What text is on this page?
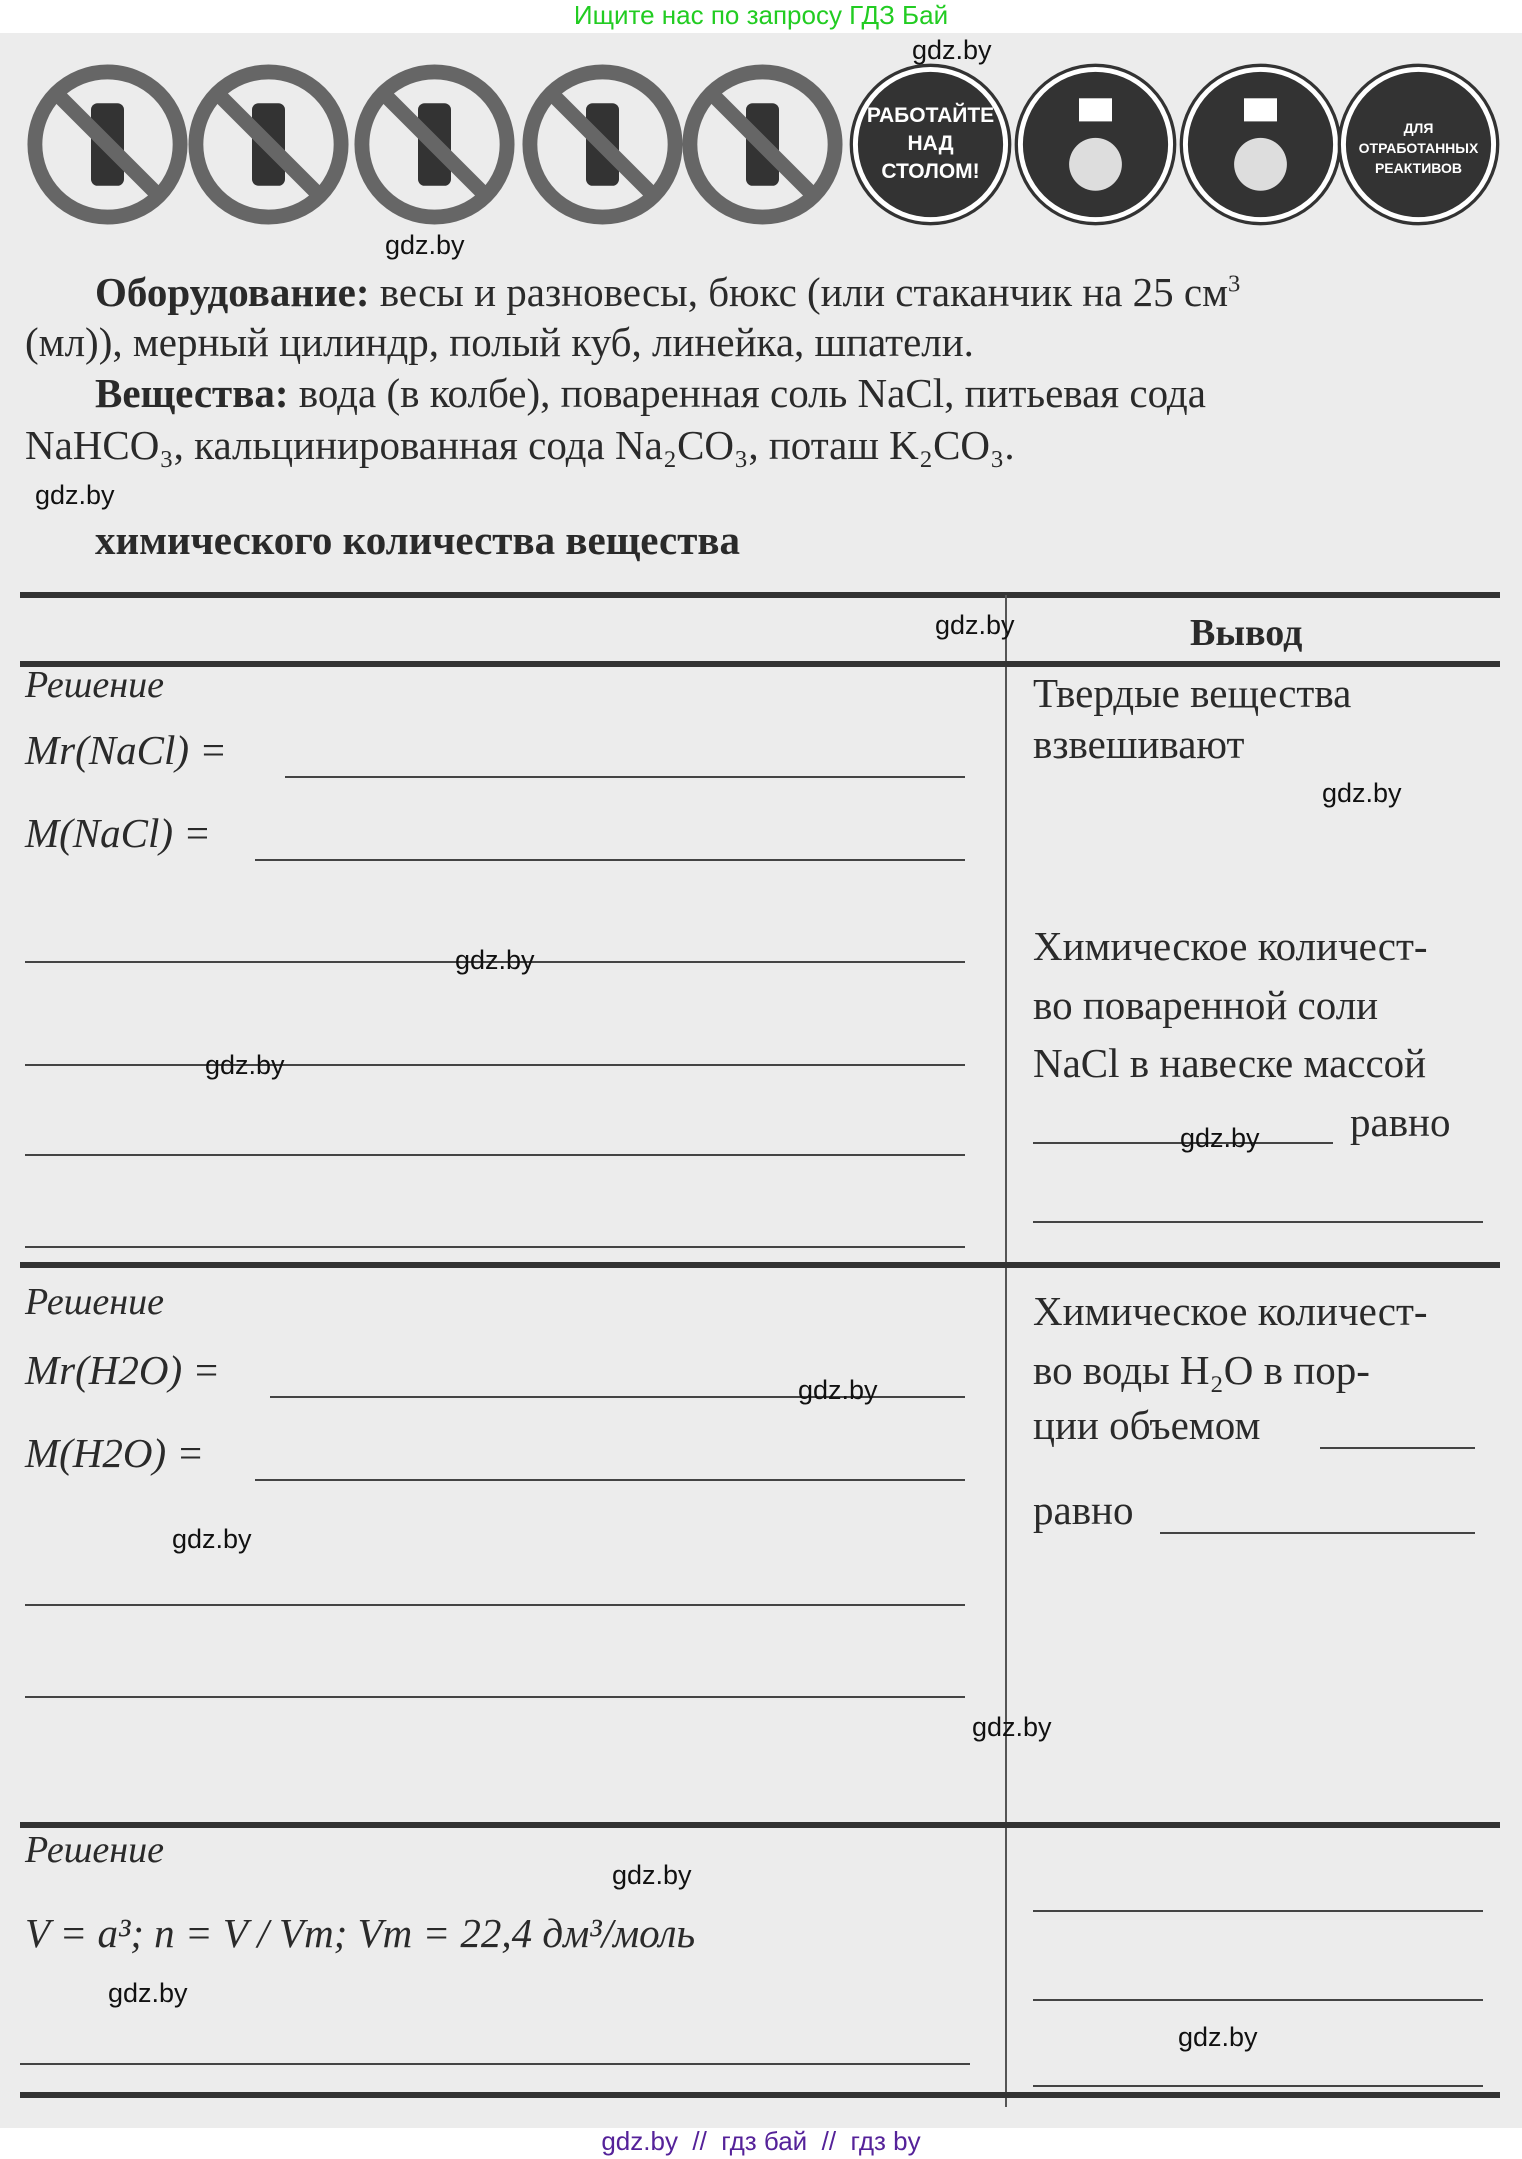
Ищите нас по запросу ГДЗ Бай
РАБОТАЙТЕ
НАД
СТОЛОМ!
ДЛЯ
ОТРАБОТАННЫХ
РЕАКТИВОВ
Оборудование: весы и разновесы, бюкс (или стаканчик на 25 $см^3$
(мл)), мерный цилиндр, полый куб, линейка, шпатели.
Вещества: вода (в колбе), поваренная соль NaCl, питьевая сода
NaHCO₃, кальцинированная сода Na₂CO₃, поташ K₂CO₃.
химического количества вещества
Вывод
Решение
Mr(NaCl) =
M(NaCl) =
Твердые вещества
взвешивают
Химическое количест-
во поваренной соли
NaCl в навеске массой
равно
Решение
Mr(H2O) =
M(H2O) =
Химическое количест-
во воды H₂O в пор-
ции объемом
равно
Решение
V = a³; n = V / Vm; Vm = 22,4 дм³/моль
gdz.by
gdz.by
gdz.by
gdz.by
gdz.by
gdz.by
gdz.by
gdz.by
gdz.by
gdz.by
gdz.by
gdz.by
gdz.by
gdz.by
gdz.by  //  гдз бай  //  гдз by
